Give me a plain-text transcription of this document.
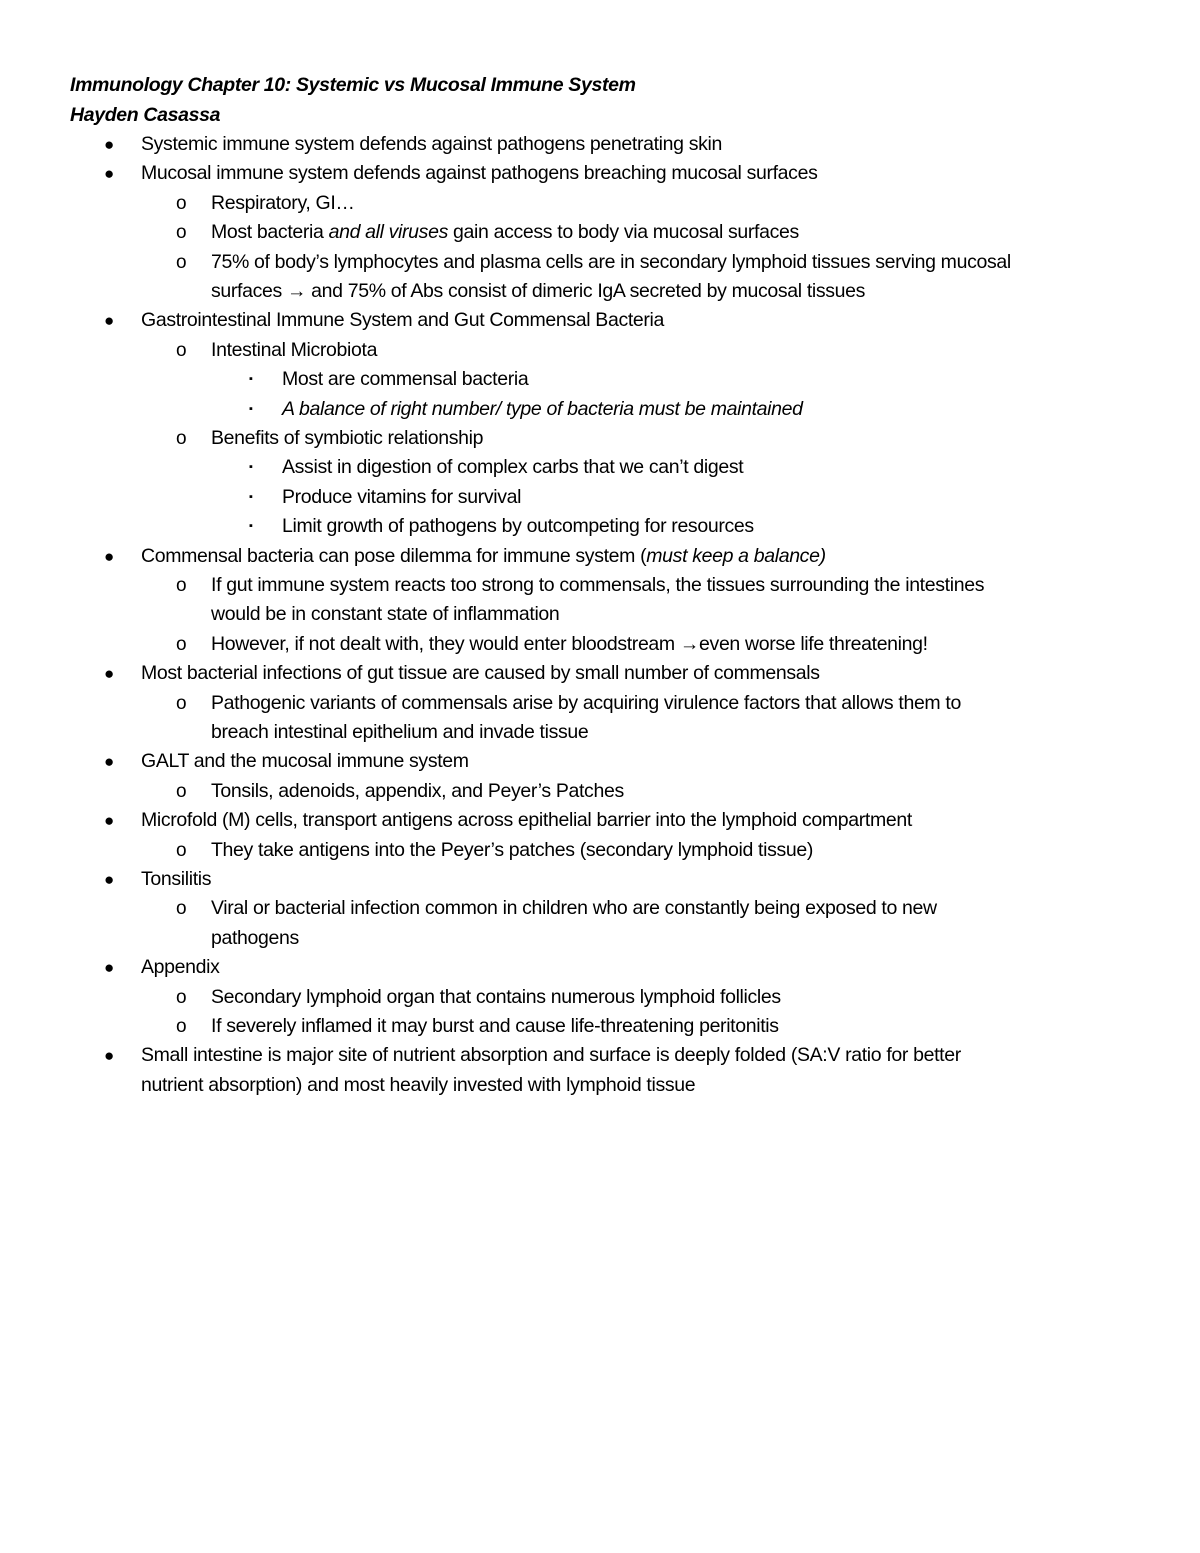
Immunology Chapter 10: Systemic vs Mucosal Immune System
Hayden Casassa
● Systemic immune system defends against pathogens penetrating skin
● Mucosal immune system defends against pathogens breaching mucosal surfaces
o Respiratory, GI…
o Most bacteria and all viruses gain access to body via mucosal surfaces
o 75% of body’s lymphocytes and plasma cells are in secondary lymphoid tissues serving mucosal
surfaces → and 75% of Abs consist of dimeric IgA secreted by mucosal tissues
● Gastrointestinal Immune System and Gut Commensal Bacteria
o Intestinal Microbiota
▪ Most are commensal bacteria
▪ A balance of right number/ type of bacteria must be maintained
o Benefits of symbiotic relationship
▪ Assist in digestion of complex carbs that we can’t digest
▪ Produce vitamins for survival
▪ Limit growth of pathogens by outcompeting for resources
● Commensal bacteria can pose dilemma for immune system (must keep a balance)
o If gut immune system reacts too strong to commensals, the tissues surrounding the intestines
would be in constant state of inflammation
o However, if not dealt with, they would enter bloodstream →even worse life threatening!
● Most bacterial infections of gut tissue are caused by small number of commensals
o Pathogenic variants of commensals arise by acquiring virulence factors that allows them to
breach intestinal epithelium and invade tissue
● GALT and the mucosal immune system
o Tonsils, adenoids, appendix, and Peyer’s Patches
● Microfold (M) cells, transport antigens across epithelial barrier into the lymphoid compartment
o They take antigens into the Peyer’s patches (secondary lymphoid tissue)
● Tonsilitis
o Viral or bacterial infection common in children who are constantly being exposed to new
pathogens
● Appendix
o Secondary lymphoid organ that contains numerous lymphoid follicles
o If severely inflamed it may burst and cause life-threatening peritonitis
● Small intestine is major site of nutrient absorption and surface is deeply folded (SA:V ratio for better
nutrient absorption) and most heavily invested with lymphoid tissue
